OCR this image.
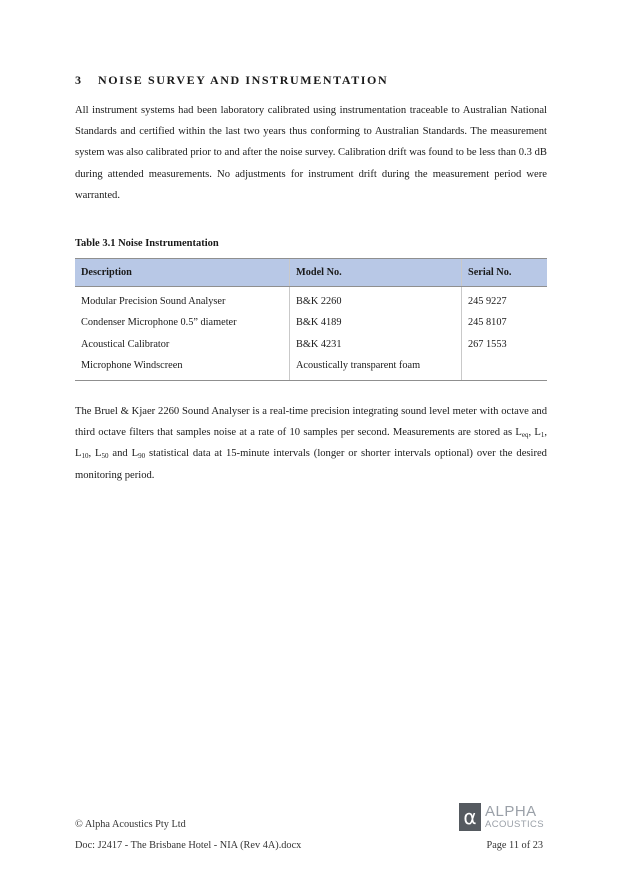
3 NOISE SURVEY AND INSTRUMENTATION

All instrument systems had been laboratory calibrated using instrumentation traceable to Australian National Standards and certified within the last two years thus conforming to Australian Standards. The measurement system was also calibrated prior to and after the noise survey. Calibration drift was found to be less than 0.3 dB during attended measurements. No adjustments for instrument drift during the measurement period were warranted.

Table 3.1 Noise Instrumentation
Description	Model No.	Serial No.
Modular Precision Sound Analyser	B&K 2260	245 9227
Condenser Microphone 0.5” diameter	B&K 4189	245 8107
Acoustical Calibrator	B&K 4231	267 1553
Microphone Windscreen	Acoustically transparent foam	

The Bruel & Kjaer 2260 Sound Analyser is a real-time precision integrating sound level meter with octave and third octave filters that samples noise at a rate of 10 samples per second. Measurements are stored as $L_{eq}$, $L_1$, $L_{10}$, $L_{50}$ and $L_{90}$ statistical data at 15-minute intervals (longer or shorter intervals optional) over the desired monitoring period.

α ALPHA
ACOUSTICS
© Alpha Acoustics Pty Ltd
Doc: J2417 - The Brisbane Hotel - NIA (Rev 4A).docx	Page 11 of 23
